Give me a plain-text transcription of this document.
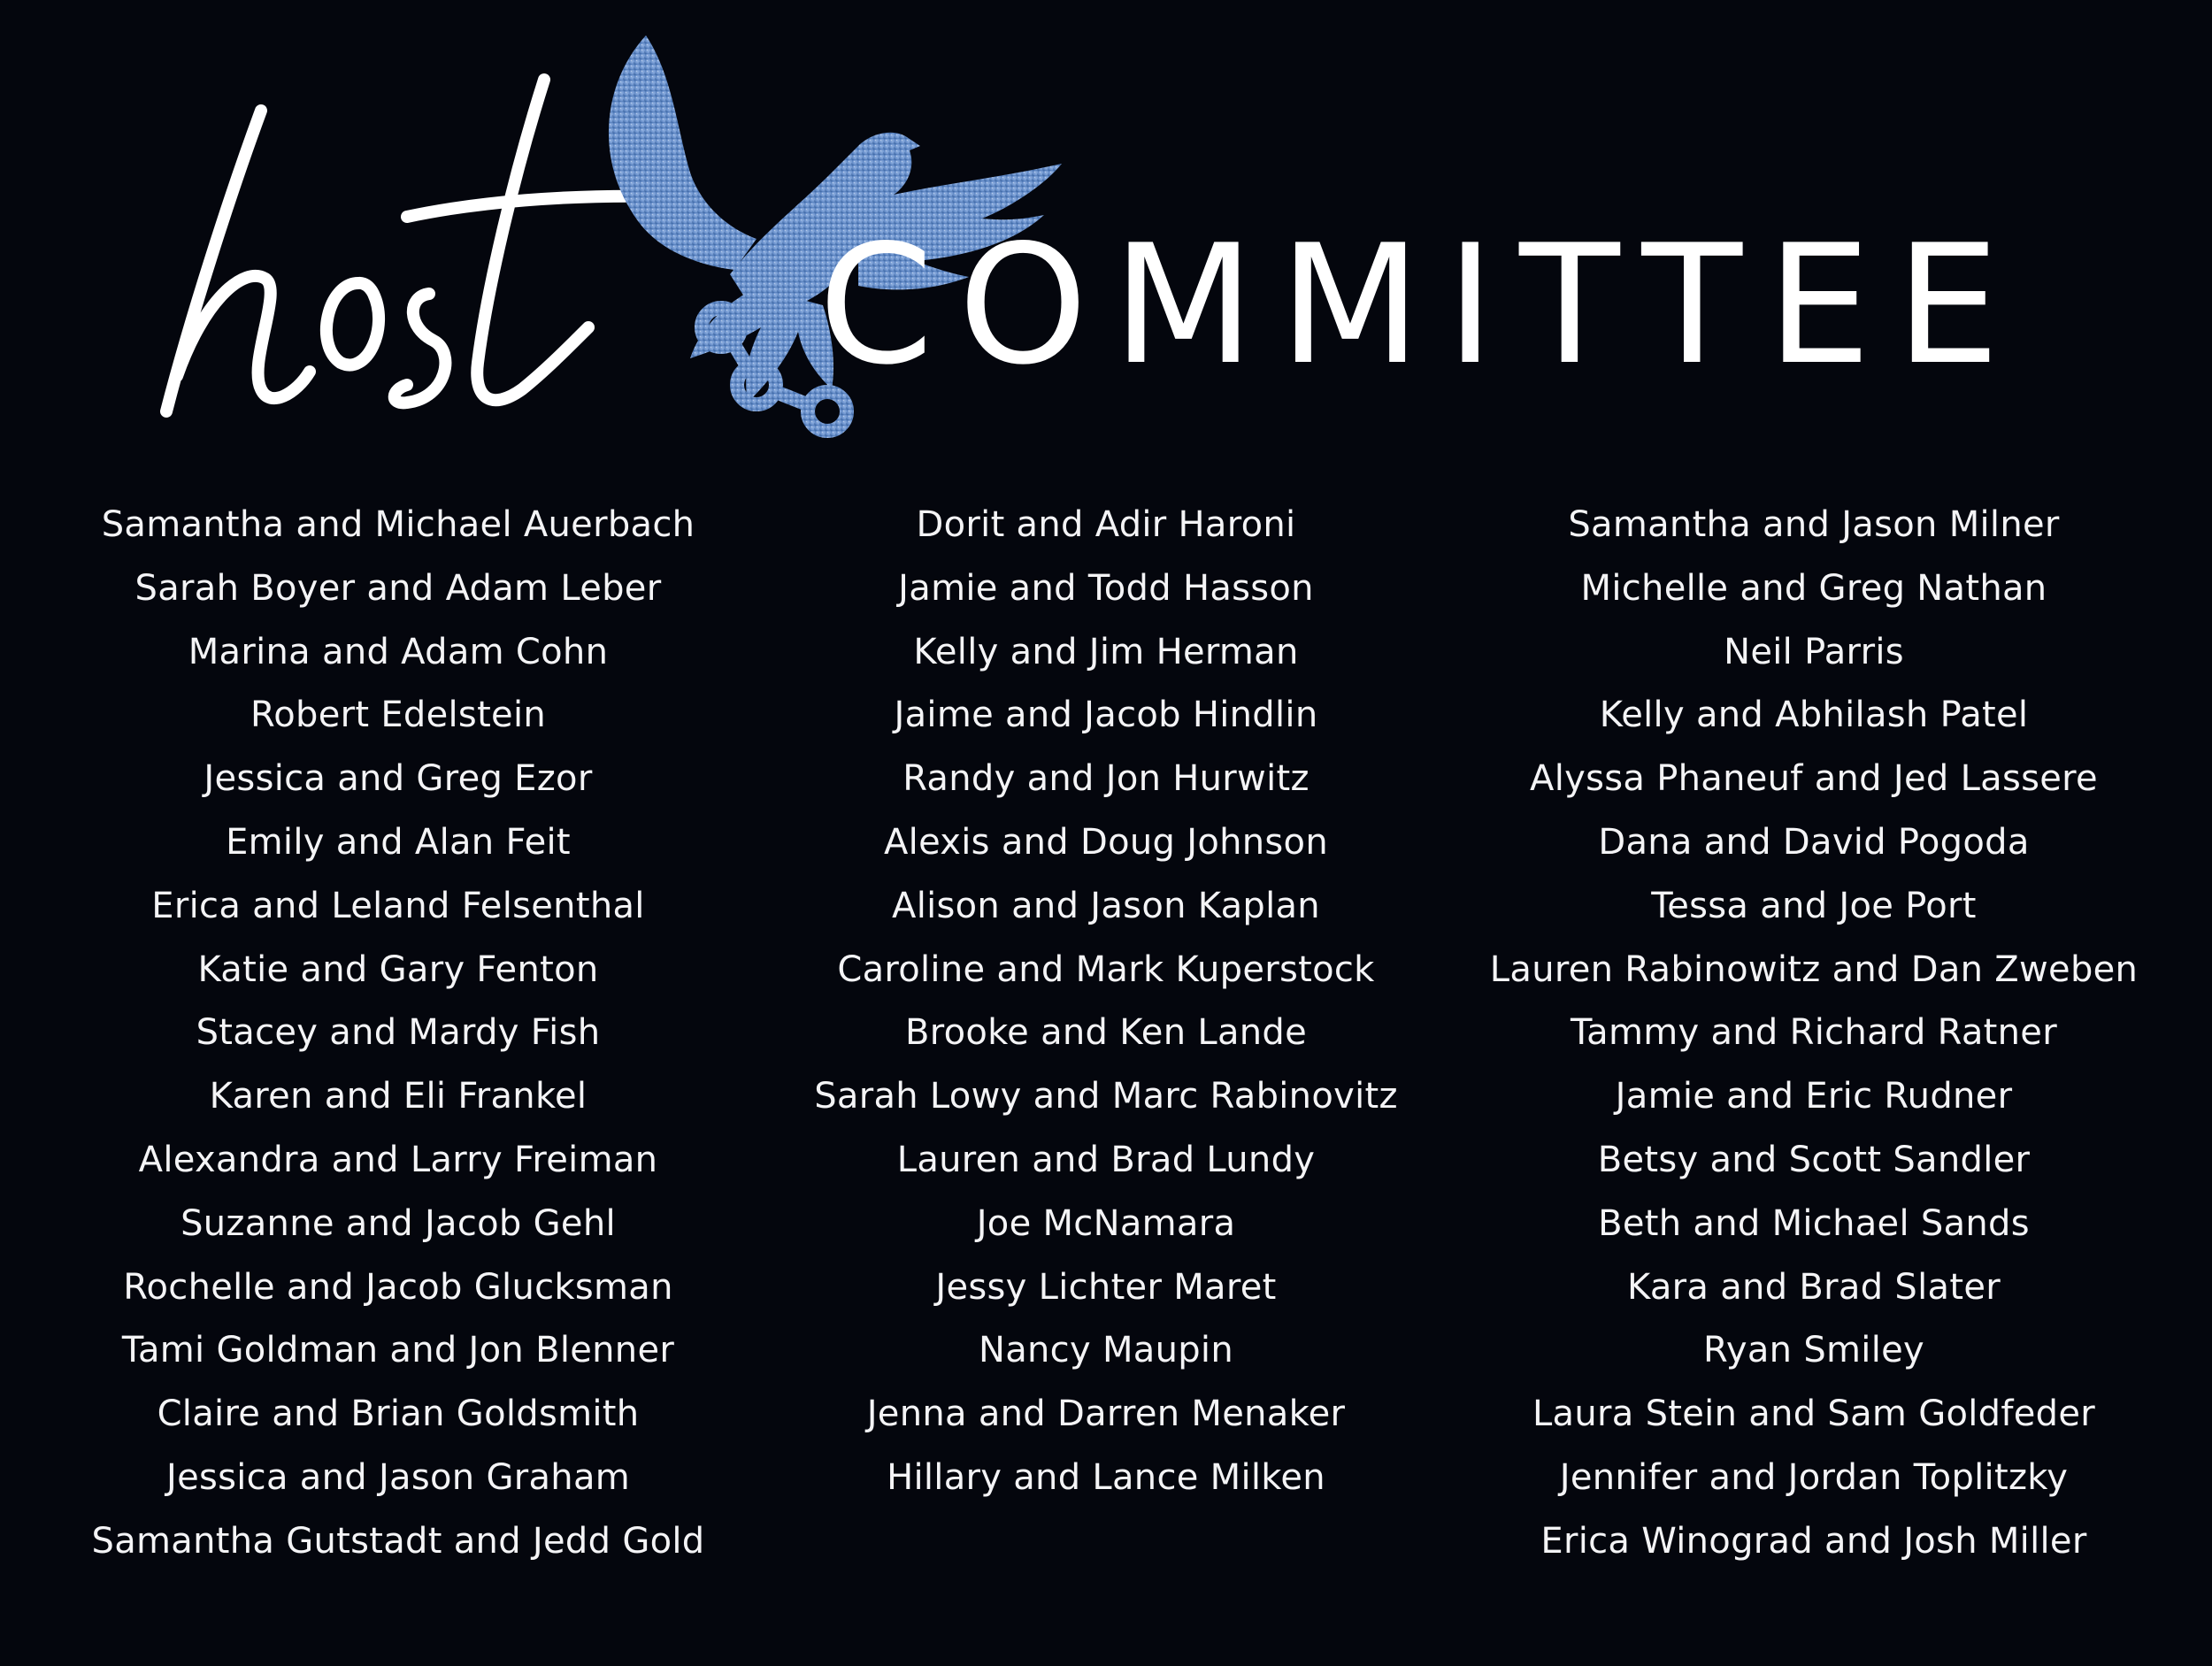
COMMITTEE
Samantha and Michael Auerbach
Sarah Boyer and Adam Leber
Marina and Adam Cohn
Robert Edelstein
Jessica and Greg Ezor
Emily and Alan Feit
Erica and Leland Felsenthal
Katie and Gary Fenton
Stacey and Mardy Fish
Karen and Eli Frankel
Alexandra and Larry Freiman
Suzanne and Jacob Gehl
Rochelle and Jacob Glucksman
Tami Goldman and Jon Blenner
Claire and Brian Goldsmith
Jessica and Jason Graham
Samantha Gutstadt and Jedd Gold
Dorit and Adir Haroni
Jamie and Todd Hasson
Kelly and Jim Herman
Jaime and Jacob Hindlin
Randy and Jon Hurwitz
Alexis and Doug Johnson
Alison and Jason Kaplan
Caroline and Mark Kuperstock
Brooke and Ken Lande
Sarah Lowy and Marc Rabinovitz
Lauren and Brad Lundy
Joe McNamara
Jessy Lichter Maret
Nancy Maupin
Jenna and Darren Menaker
Hillary and Lance Milken
Samantha and Jason Milner
Michelle and Greg Nathan
Neil Parris
Kelly and Abhilash Patel
Alyssa Phaneuf and Jed Lassere
Dana and David Pogoda
Tessa and Joe Port
Lauren Rabinowitz and Dan Zweben
Tammy and Richard Ratner
Jamie and Eric Rudner
Betsy and Scott Sandler
Beth and Michael Sands
Kara and Brad Slater
Ryan Smiley
Laura Stein and Sam Goldfeder
Jennifer and Jordan Toplitzky
Erica Winograd and Josh Miller
